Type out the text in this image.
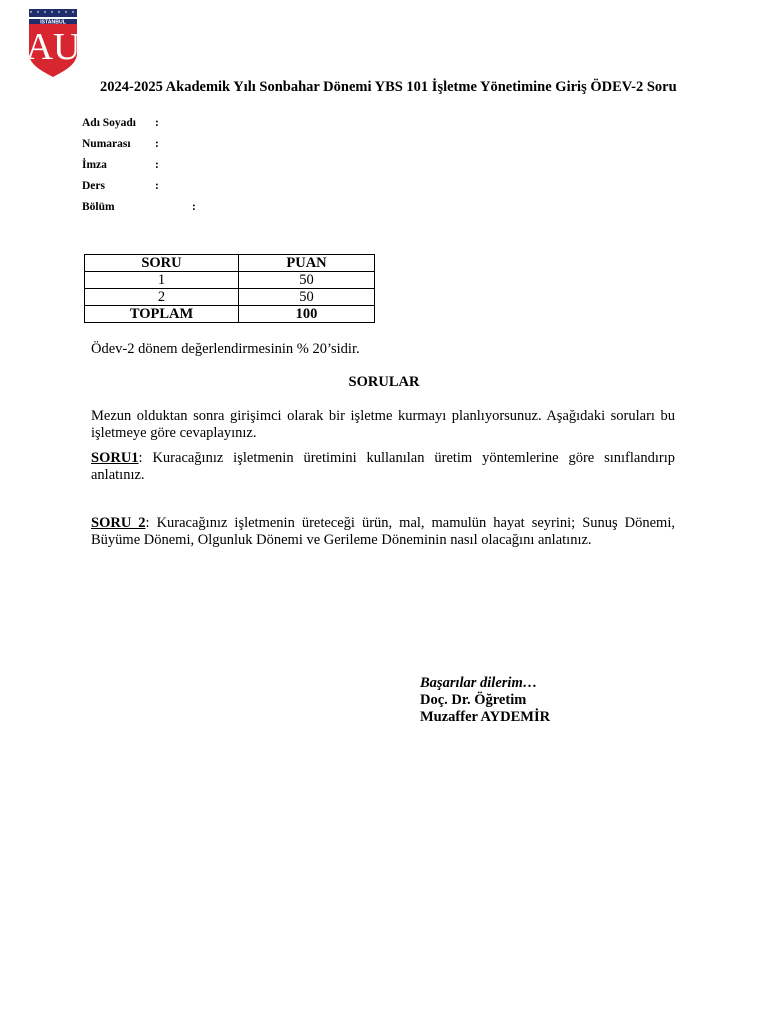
İSTANBUL
AU
2024-2025 Akademik Yılı Sonbahar Dönemi YBS 101 İşletme Yönetimine Giriş ÖDEV-2 Soru
Adı Soyadı :
Numarası :
İmza	:
Ders	:
Bölüm	:
SORU	PUAN
1	50
2	50
TOPLAM	100
Ödev-2 dönem değerlendirmesinin % 20’sidir.
SORULAR
Mezun olduktan sonra girişimci olarak bir işletme kurmayı planlıyorsunuz. Aşağıdaki soruları bu işletmeye göre cevaplayınız.
SORU1: Kuracağınız işletmenin üretimini kullanılan üretim yöntemlerine göre sınıflandırıp anlatınız.
SORU 2: Kuracağınız işletmenin üreteceği ürün, mal, mamulün hayat seyrini; Sunuş Dönemi, Büyüme Dönemi, Olgunluk Dönemi ve Gerileme Döneminin nasıl olacağını anlatınız.
Başarılar dilerim…
Doç. Dr. Öğretim
Muzaffer AYDEMİR
